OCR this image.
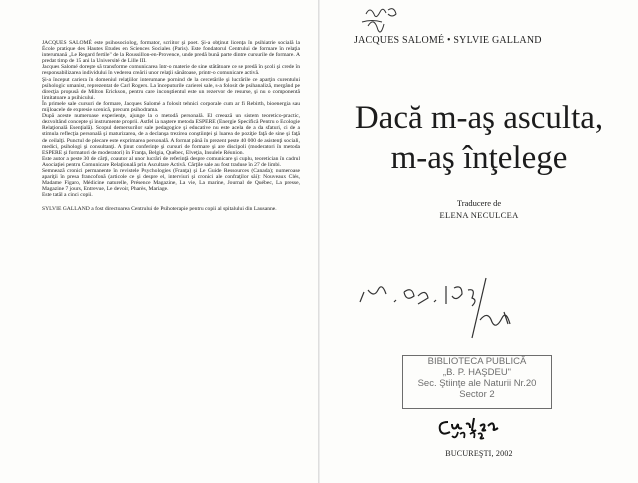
JACQUES SALOMÉ este psihosociolog, formator, scriitor şi poet. Şi-a obţinut licenţa în psihiatrie socială la École pratique des Hautes Etudes en Sciences Sociales (Paris). Este fondatorul Centrului de formare în relaţia interumană „Le Regard fertile" de la Roussillon-en-Provence, unde predă bună parte dintre cursurile de formare. A predat timp de 15 ani la Université de Lille III.

Jacques Salomé doreşte să transforme comunicarea într-o materie de sine stătătoare ce se predă în şcoli şi crede în responsabilizarea individului în vederea creării unor relaţii sănătoase, printr-o comunicare activă.

Şi-a început cariera în domeniul relaţiilor interumane pornind de la cercetările şi lucrările ce aparţin curentului psihologic umanist, reprezentat de Carl Rogers. La începuturile carierei sale, s-a folosit de psihanaliză, mergând pe direcţia propusă de Milton Erickson, pentru care inconştientul este un rezervor de resurse, şi nu o componentă limitatoare a psihicului.

În primele sale cursuri de formare, Jacques Salomé a folosit tehnici corporale cum ar fi Rebirth, bioenergia sau mijloacele de expresie scenică, precum psihodrama.

După aceste numeroase experienţe, ajunge la o metodă personală. El creează un sistem teoretico-practic, dezvoltând concepte şi instrumente proprii. Astfel ia naştere metoda ESPERE (Energie Specifică Pentru o Ecologie Relaţională Esenţială). Scopul demersurilor sale pedagogice şi educative nu este acela de a da sfaturi, ci de a stimula reflecţia personală şi maturizarea, de a declanşa trezirea conştiinţei şi luarea de poziţie faţă de sine şi faţă de ceilalţi. Punctul de plecare este exprimarea personală. A format până în prezent peste 40 000 de asistenţi sociali, medici, psihologi şi consultanţi. A ţinut conferinţe şi cursuri de formare şi are discipoli (moderatori în metoda ESPERE şi formatori de moderatori) în Franţa, Belgia, Québec, Elveţia, Insulele Réunion.

Este autor a peste 30 de cărţi, coautor al unor lucrări de referinţă despre comunicare şi cuplu, teoretician în cadrul Asociaţiei pentru Comunicare Relaţională prin Ascultare Activă. Cărţile sale au fost traduse în 27 de limbi.

Semnează cronici permanente în revistele Psychologies (Franţa) şi Le Guide Ressources (Canada); numeroase apariţii în presa francofonă (articole ce şi despre el, interviuri şi cronici ale confraţilor săi): Nouveaux Clés, Madame Figaro, Médicine naturelle, Présence Magazine, La vie, La marine, Journal de Québec, La presse, Magazine 7 jours, Entrevue, Le devoir, Pharès, Mariage.

Este tatăl a cinci copii.

SYLVIE GALLAND a fost directoarea Centrului de Psihoterapie pentru copii al spitalului din Lausanne.

JACQUES SALOMÉ • SYLVIE GALLAND
Dacă m-aş asculta,
m-aş înţelege
Traducere de
ELENA NECULCEA
BIBLIOTECA PUBLICĂ
„B. P. HAŞDEU"
Sec. Ştiinţe ale Naturii Nr.20
Sector 2
BUCUREŞTI, 2002
